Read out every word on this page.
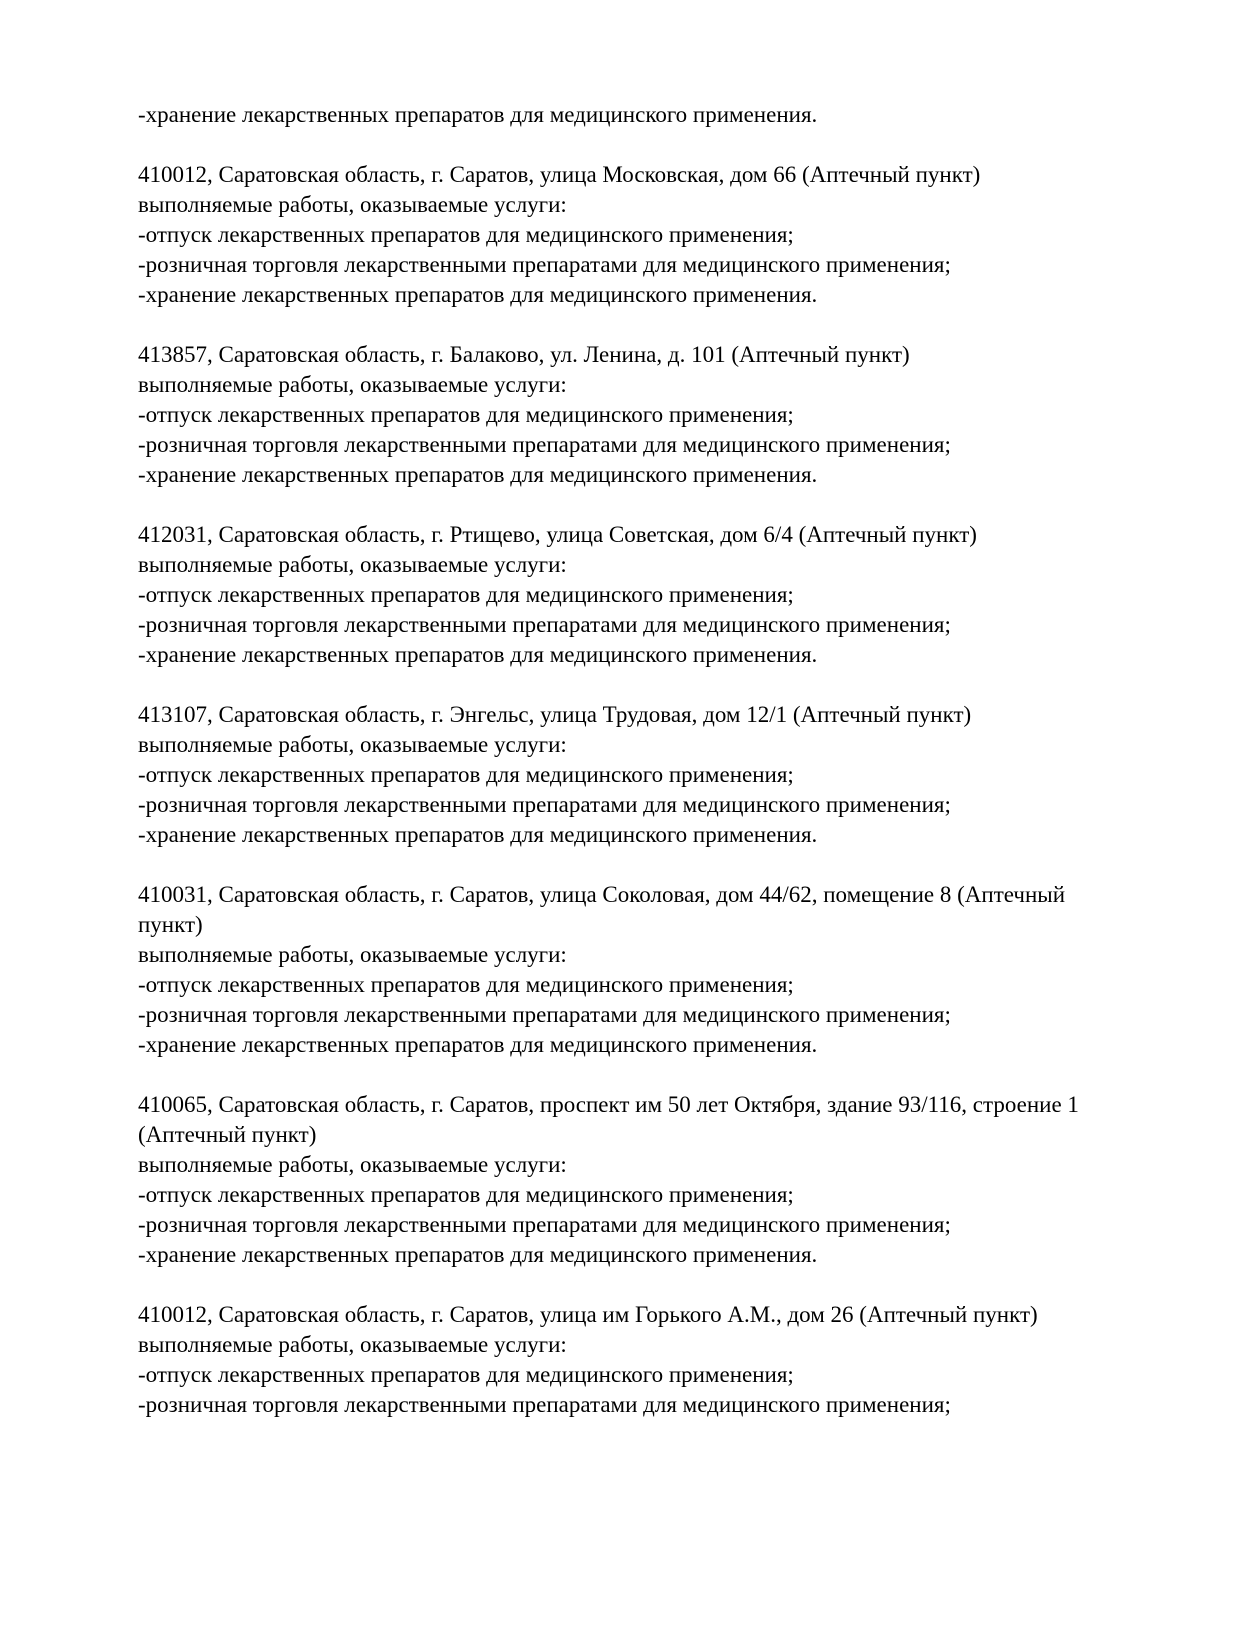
-хранение лекарственных препаратов для медицинского применения.

410012, Саратовская область, г. Саратов, улица Московская, дом 66 (Аптечный пункт)

выполняемые работы, оказываемые услуги:

-отпуск лекарственных препаратов для медицинского применения;

-розничная торговля лекарственными препаратами для медицинского применения;

-хранение лекарственных препаратов для медицинского применения.

413857, Саратовская область, г. Балаково, ул. Ленина, д. 101 (Аптечный пункт)

выполняемые работы, оказываемые услуги:

-отпуск лекарственных препаратов для медицинского применения;

-розничная торговля лекарственными препаратами для медицинского применения;

-хранение лекарственных препаратов для медицинского применения.

412031, Саратовская область, г. Ртищево, улица Советская, дом 6/4 (Аптечный пункт)

выполняемые работы, оказываемые услуги:

-отпуск лекарственных препаратов для медицинского применения;

-розничная торговля лекарственными препаратами для медицинского применения;

-хранение лекарственных препаратов для медицинского применения.

413107, Саратовская область, г. Энгельс, улица Трудовая, дом 12/1 (Аптечный пункт)

выполняемые работы, оказываемые услуги:

-отпуск лекарственных препаратов для медицинского применения;

-розничная торговля лекарственными препаратами для медицинского применения;

-хранение лекарственных препаратов для медицинского применения.

410031, Саратовская область, г. Саратов, улица Соколовая, дом 44/62, помещение 8 (Аптечный

пункт)

выполняемые работы, оказываемые услуги:

-отпуск лекарственных препаратов для медицинского применения;

-розничная торговля лекарственными препаратами для медицинского применения;

-хранение лекарственных препаратов для медицинского применения.

410065, Саратовская область, г. Саратов, проспект им 50 лет Октября, здание 93/116, строение 1

(Аптечный пункт)

выполняемые работы, оказываемые услуги:

-отпуск лекарственных препаратов для медицинского применения;

-розничная торговля лекарственными препаратами для медицинского применения;

-хранение лекарственных препаратов для медицинского применения.

410012, Саратовская область, г. Саратов, улица им Горького А.М., дом 26 (Аптечный пункт)

выполняемые работы, оказываемые услуги:

-отпуск лекарственных препаратов для медицинского применения;

-розничная торговля лекарственными препаратами для медицинского применения;
